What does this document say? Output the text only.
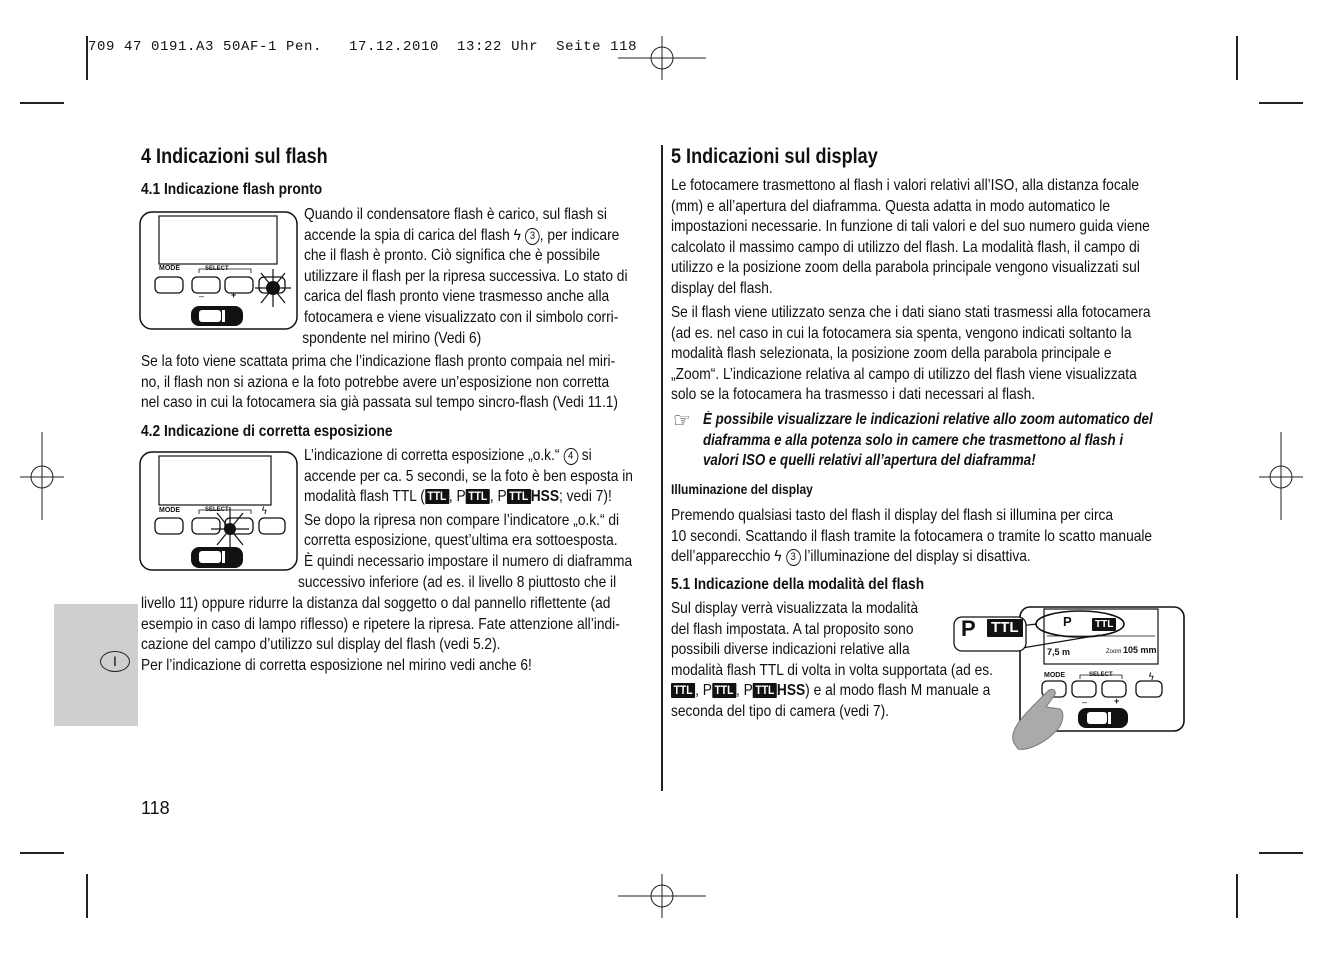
709 47 0191.A3 50AF-1 Pen.   17.12.2010  13:22 Uhr  Seite 118
I
4 Indicazioni sul flash
4.1 Indicazione flash pronto
MODE	SELECT
–	+
Quando il condensatore flash è carico, sul flash si
accende la spia di carica del flash ϟ 3 , per indicare
che il flash è pronto. Ciò significa che è possibile
utilizzare il flash per la ripresa successiva. Lo stato di
carica del flash pronto viene trasmesso anche alla
fotocamera e viene visualizzato con il simbolo corri-
spondente nel mirino (Vedi 6)
Se la foto viene scattata prima che l’indicazione flash pronto compaia nel miri-
no, il flash non si aziona e la foto potrebbe avere un’esposizione non corretta
nel caso in cui la fotocamera sia già passata sul tempo sincro-flash (Vedi 11.1)
4.2 Indicazione di corretta esposizione
ϟ
MODE	SELECT
L’indicazione di corretta esposizione „o.k.“ 4 si
accende per ca. 5 secondi, se la foto è ben esposta in
modalità flash TTL ( TTL , P TTL , P TTL HSS; vedi 7)!
Se dopo la ripresa non compare l’indicatore „o.k.“ di
corretta esposizione, quest’ultima era sottoesposta.
È quindi necessario impostare il numero di diaframma
successivo inferiore (ad es. il livello 8 piuttosto che il
livello 11) oppure ridurre la distanza dal soggetto o dal pannello riflettente (ad
esempio in caso di lampo riflesso) e ripetere la ripresa. Fate attenzione all’indi-
cazione del campo d’utilizzo sul display del flash (vedi 5.2).
Per l’indicazione di corretta esposizione nel mirino vedi anche 6!
118
5 Indicazioni sul display
Le fotocamere trasmettono al flash i valori relativi all’ISO, alla distanza focale
(mm) e all’apertura del diaframma. Questa adatta in modo automatico le
impostazioni necessarie. In funzione di tali valori e del suo numero guida viene
calcolato il massimo campo di utilizzo del flash. La modalità flash, il campo di
utilizzo e la posizione zoom della parabola principale vengono visualizzati sul
display del flash.
Se il flash viene utilizzato senza che i dati siano stati trasmessi alla fotocamera
(ad es. nel caso in cui la fotocamera sia spenta, vengono indicati soltanto la
modalità flash selezionata, la posizione zoom della parabola principale e
„Zoom“. L’indicazione relativa al campo di utilizzo del flash viene visualizzata
solo se la fotocamera ha trasmesso i dati necessari al flash.
☞ È possibile visualizzare le indicazioni relative allo zoom automatico del
diaframma e alla potenza solo in camere che trasmettono al flash i
valori ISO e quelli relativi all’apertura del diaframma!
Illuminazione del display
Premendo qualsiasi tasto del flash il display del flash si illumina per circa
10 secondi. Scattando il flash tramite la fotocamera o tramite lo scatto manuale
dell’apparecchio ϟ 3 l’illuminazione del display si disattiva.
5.1 Indicazione della modalità del flash
Sul display verrà visualizzata la modalità
del flash impostata. A tal proposito sono
possibili diverse indicazioni relative alla
modalità flash TTL di volta in volta supportata (ad es.
TTL , P TTL , P TTL HSS) e al modo flash M manuale a
seconda del tipo di camera (vedi 7).
ϟ
P TTL	P	TTL
7,5 m	Zoom 105 mm
MODE	SELECT
–	+
